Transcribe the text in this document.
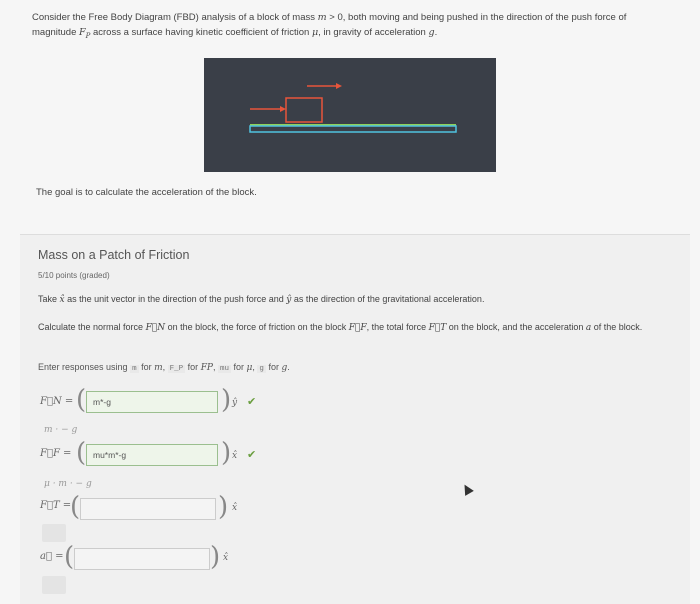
Consider the Free Body Diagram (FBD) analysis of a block of mass m > 0, both moving and being pushed in the direction of the push force of
magnitude $F_P$ across a surface having kinetic coefficient of friction μ, in gravity of acceleration g.
The goal is to calculate the acceleration of the block.
Mass on a Patch of Friction
5/10 points (graded)
Take x̂ as the unit vector in the direction of the push force and ŷ as the direction of the gravitational acceleration.
Calculate the normal force F⃗N on the block, the force of friction on the block F⃗F, the total force F⃗T on the block, and the acceleration a of the block.
Enter responses using m for m, F_P for FP, mu for μ, g for g.
F⃗N = ( m*-g	) ŷ ✔
m · − g
F⃗F = ( mu*m*-g	) x̂ ✔
μ · m · − g
F⃗T =
(	) x̂
a⃗ = (	) x̂
